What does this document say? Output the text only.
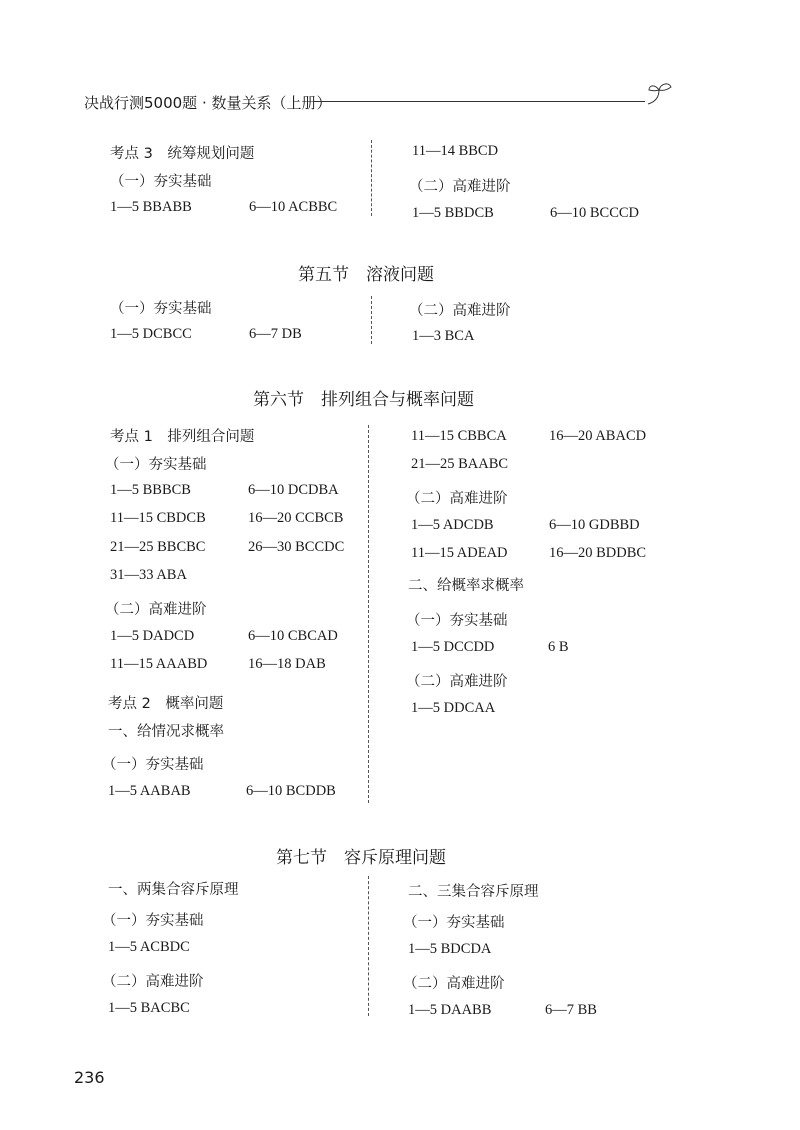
决战行测5000题 · 数量关系（上册）
考点 3　统筹规划问题
（一）夯实基础
1—5 BBABB	6—10 ACBBC
11—14 BBCD
（二）高难进阶
1—5 BBDCB	6—10 BCCCD
第五节　溶液问题
（一）夯实基础
1—5 DCBCC	6—7 DB
（二）高难进阶
1—3 BCA
第六节　排列组合与概率问题
考点 1　排列组合问题
（一）夯实基础
1—5 BBBCB	6—10 DCDBA
11—15 CBDCB	16—20 CCBCB
21—25 BBCBC	26—30 BCCDC
31—33 ABA
（二）高难进阶
1—5 DADCD	6—10 CBCAD
11—15 AAABD	16—18 DAB
考点 2　概率问题
一、给情况求概率
（一）夯实基础
1—5 AABAB	6—10 BCDDB
11—15 CBBCA	16—20 ABACD
21—25 BAABC
（二）高难进阶
1—5 ADCDB	6—10 GDBBD
11—15 ADEAD	16—20 BDDBC
二、给概率求概率
（一）夯实基础
1—5 DCCDD	6 B
（二）高难进阶
1—5 DDCAA
第七节　容斥原理问题
一、两集合容斥原理
（一）夯实基础
1—5 ACBDC
（二）高难进阶
1—5 BACBC
二、三集合容斥原理
（一）夯实基础
1—5 BDCDA
（二）高难进阶
1—5 DAABB	6—7 BB
236
